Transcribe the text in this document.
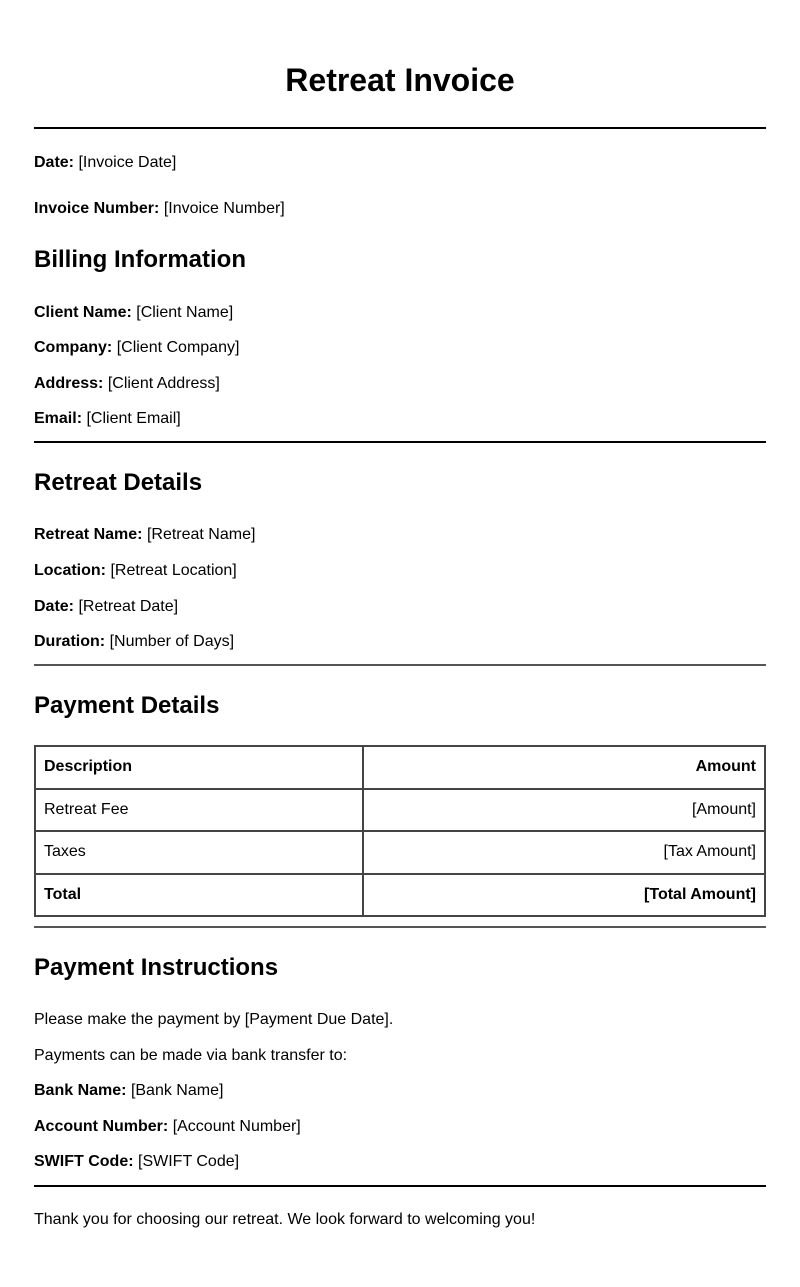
Retreat Invoice
Date: [Invoice Date]
Invoice Number: [Invoice Number]
Billing Information
Client Name: [Client Name]
Company: [Client Company]
Address: [Client Address]
Email: [Client Email]
Retreat Details
Retreat Name: [Retreat Name]
Location: [Retreat Location]
Date: [Retreat Date]
Duration: [Number of Days]
Payment Details
Description	Amount
Retreat Fee	[Amount]
Taxes	[Tax Amount]
Total	[Total Amount]
Payment Instructions
Please make the payment by [Payment Due Date].
Payments can be made via bank transfer to:
Bank Name: [Bank Name]
Account Number: [Account Number]
SWIFT Code: [SWIFT Code]
Thank you for choosing our retreat. We look forward to welcoming you!
